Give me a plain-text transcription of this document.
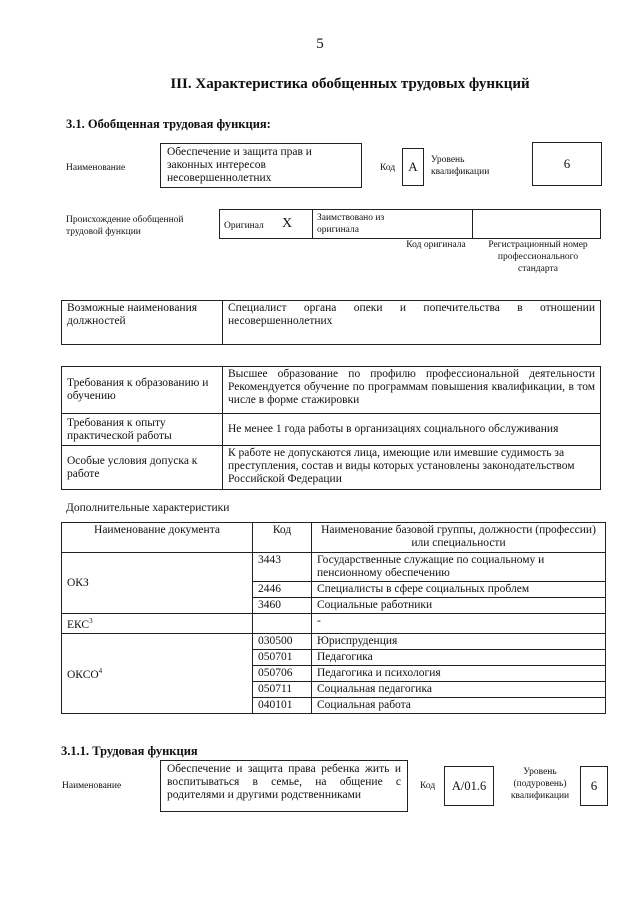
5
III. Характеристика обобщенных трудовых функций
3.1. Обобщенная трудовая функция:
Наименование
Обеспечение и защита прав и законных интересов несовершеннолетних
Код	А	Уровень квалификации
6
Происхождение обобщенной трудовой функции
Оригинал X	Заимствовано из оригинала
Код оригинала	Регистрационный номер профессионального стандарта
Возможные наименования должностей	Специалист органа опеки и попечительства в отношении несовершеннолетних
Требования к образованию и обучению	Высшее образование по профилю профессиональной деятельности Рекомендуется обучение по программам повышения квалификации, в том числе в форме стажировки
Требования к опыту практической работы	Не менее 1 года работы в организациях социального обслуживания
Особые условия допуска к работе	К работе не допускаются лица, имеющие или имевшие судимость за преступления, состав и виды которых установлены законодательством Российской Федерации
Дополнительные характеристики
Наименование документа	Код	Наименование базовой группы, должности (профессии) или специальности
ОКЗ	3443	Государственные служащие по социальному и пенсионному обеспечению
	2446	Специалисты в сфере социальных проблем
	3460	Социальные работники
ЕКС$^3$		-
ОКСО$^4$	030500	Юриспруденция
	050701	Педагогика
	050706	Педагогика и психология
	050711	Социальная педагогика
	040101	Социальная работа
3.1.1. Трудовая функция
Наименование
Обеспечение и защита права ребенка жить и воспитываться в семье, на общение с родителями и другими родственниками
Код	A/01.6
Уровень (подуровень) квалификации
6
